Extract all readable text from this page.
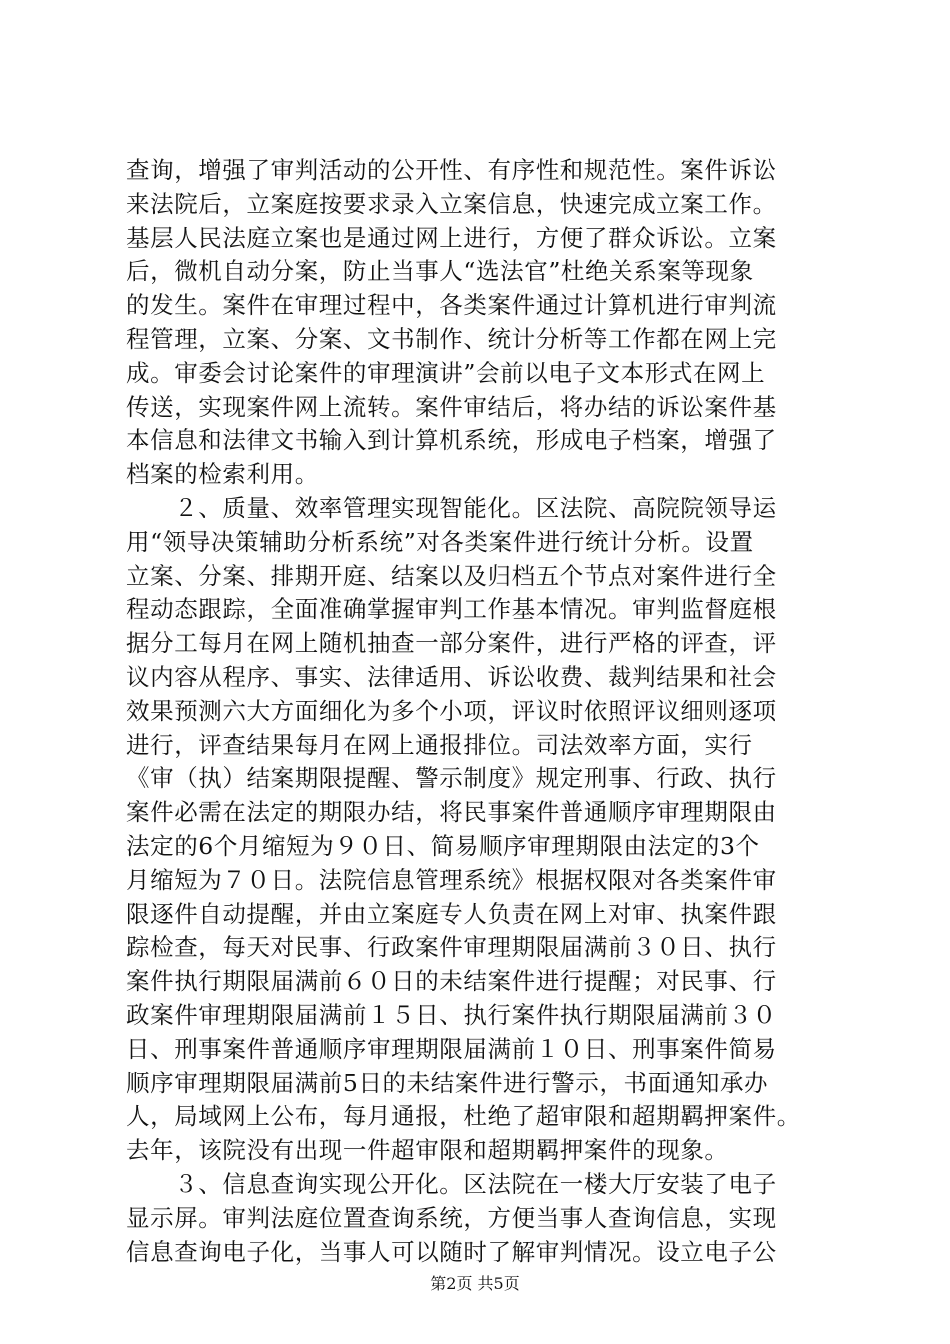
查询，增强了审判活动的公开性、有序性和规范性。案件诉讼
来法院后，立案庭按要求录入立案信息，快速完成立案工作。
基层人民法庭立案也是通过网上进行，方便了群众诉讼。立案
后，微机自动分案，防止当事人“选法官”杜绝关系案等现象
的发生。案件在审理过程中，各类案件通过计算机进行审判流
程管理，立案、分案、文书制作、统计分析等工作都在网上完
成。审委会讨论案件的审理演讲”会前以电子文本形式在网上
传送，实现案件网上流转。案件审结后，将办结的诉讼案件基
本信息和法律文书输入到计算机系统，形成电子档案，增强了
档案的检索利用。
　　２、质量、效率管理实现智能化。区法院、高院院领导运
用“领导决策辅助分析系统”对各类案件进行统计分析。设置
立案、分案、排期开庭、结案以及归档五个节点对案件进行全
程动态跟踪，全面准确掌握审判工作基本情况。审判监督庭根
据分工每月在网上随机抽查一部分案件，进行严格的评查，评
议内容从程序、事实、法律适用、诉讼收费、裁判结果和社会
效果预测六大方面细化为多个小项，评议时依照评议细则逐项
进行，评查结果每月在网上通报排位。司法效率方面，实行
《审（执）结案期限提醒、警示制度》规定刑事、行政、执行
案件必需在法定的期限办结，将民事案件普通顺序审理期限由
法定的6个月缩短为９０日、简易顺序审理期限由法定的3个
月缩短为７０日。法院信息管理系统》根据权限对各类案件审
限逐件自动提醒，并由立案庭专人负责在网上对审、执案件跟
踪检查，每天对民事、行政案件审理期限届满前３０日、执行
案件执行期限届满前６０日的未结案件进行提醒；对民事、行
政案件审理期限届满前１５日、执行案件执行期限届满前３０
日、刑事案件普通顺序审理期限届满前１０日、刑事案件简易
顺序审理期限届满前5日的未结案件进行警示，书面通知承办
人，局域网上公布，每月通报，杜绝了超审限和超期羁押案件。
去年，该院没有出现一件超审限和超期羁押案件的现象。
　　３、信息查询实现公开化。区法院在一楼大厅安装了电子
显示屏。审判法庭位置查询系统，方便当事人查询信息，实现
信息查询电子化，当事人可以随时了解审判情况。设立电子公
第2页 共5页
